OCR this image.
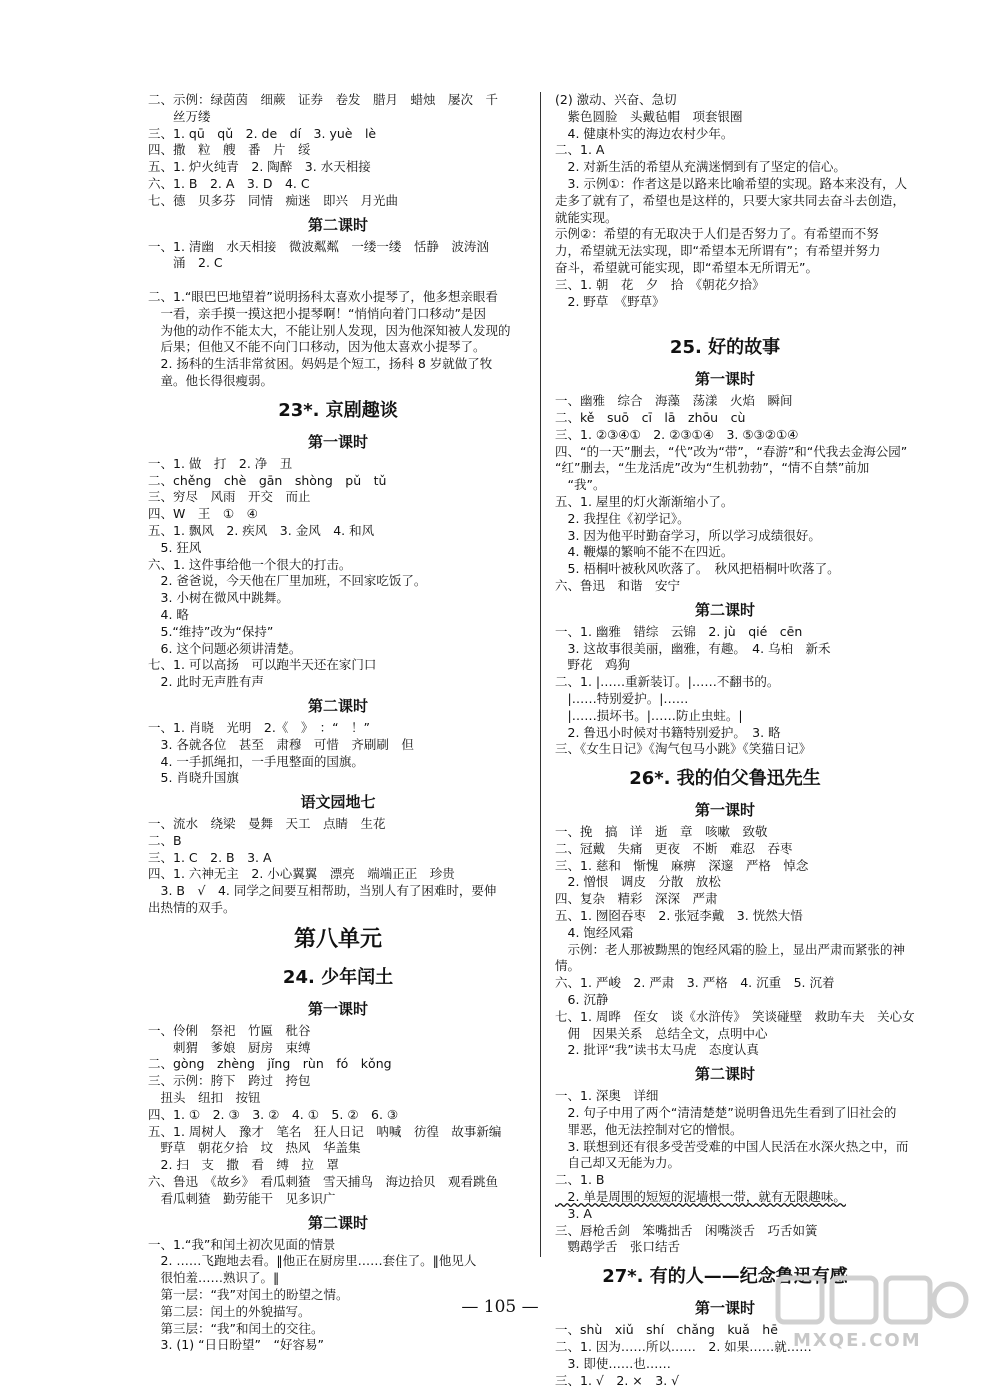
二、示例：绿茵茵　细蕨　证券　卷发　腊月　蜡烛　屡次　千
　　丝万缕
三、1. qū　qǔ　2. de　dí　3. yuè　lè
四、撒　粒　艘　番　片　绥
五、1. 炉火纯青　2. 陶醉　3. 水天相接
六、1. B　2. A　3. D　4. C
七、德　贝多芬　同情　痴迷　即兴　月光曲
第二课时
一、1. 清幽　水天相接　微波粼粼　一缕一缕　恬静　波涛汹
　　涌　2. C

二、1.“眼巴巴地望着”说明扬科太喜欢小提琴了，他多想亲眼看
　一看，亲手摸一摸这把小提琴啊！“悄悄向着门口移动”是因
　为他的动作不能太大，不能让别人发现，因为他深知被人发现的
　后果；但他又不能不向门口移动，因为他太喜欢小提琴了。
　2. 扬科的生活非常贫困。妈妈是个短工，扬科 8 岁就做了牧
　童。他长得很瘦弱。
23*. 京剧趣谈
第一课时
一、1. 做　打　2. 净　丑
二、chěng　chè　gān　shòng　pǔ　tǔ
三、穷尽　风雨　开交　而止
四、W　王　①　④
五、1. 飘风　2. 疾风　3. 金风　4. 和风
　5. 狂风
六、1. 这件事给他一个很大的打击。
　2. 爸爸说，今天他在厂里加班，不回家吃饭了。
　3. 小树在微风中跳舞。
　4. 略
　5.“维持”改为“保持”
　6. 这个问题必须讲清楚。
七、1. 可以高扬　可以跑半天还在家门口
　2. 此时无声胜有声
第二课时
一、1. 肖晓　光明　2.《　》　：“　！”
　3. 各就各位　甚至　肃穆　可惜　齐刷刷　但
　4. 一手抓绳扣，一手甩整面的国旗。
　5. 肖晓升国旗
语文园地七
一、流水　绕梁　曼舞　天工　点睛　生花
二、B
三、1. C　2. B　3. A
四、1. 六神无主　2. 小心翼翼　漂亮　端端正正　珍贵
　3. B　√　4. 同学之间要互相帮助，当别人有了困难时，要伸
出热情的双手。
第八单元
24. 少年闰土
第一课时
一、伶俐　祭祀　竹匾　秕谷
　　刺猬　爹娘　厨房　束缚
二、gòng　zhèng　jǐng　rùn　fó　kǒng
三、示例：胯下　跨过　挎包
　扭头　纽扣　按钮
四、1. ①　2. ③　3. ②　4. ①　5. ②　6. ③
五、1. 周树人　豫才　笔名　狂人日记　呐喊　彷徨　故事新编
　野草　朝花夕拾　坟　热风　华盖集
　2. 扫　支　撒　看　缚　拉　罩
六、鲁迅　《故乡》　看瓜刺猹　雪天捕鸟　海边拾贝　观看跳鱼
　看瓜刺猹　勤劳能干　见多识广
第二课时
一、1.“我”和闰土初次见面的情景
　2. ……飞跑地去看。‖他正在厨房里……套住了。‖他见人
　很怕羞……熟识了。‖
　第一层：“我”对闰土的盼望之情。
　第二层：闰土的外貌描写。
　第三层：“我”和闰土的交往。
　3. (1) “日日盼望”　“好容易”
(2) 激动、兴奋、急切
　紫色圆脸　头戴毡帽　项套银圈
　4. 健康朴实的海边农村少年。
二、1. A
　2. 对新生活的希望从充满迷惘到有了坚定的信心。
　3. 示例①：作者这是以路来比喻希望的实现。路本来没有，人
走多了就有了，希望也是这样的，只要大家共同去奋斗去创造，
就能实现。
示例②：希望的有无取决于人们是否努力了。有希望而不努
力，希望就无法实现，即“希望本无所谓有”；有希望并努力
奋斗，希望就可能实现，即“希望本无所谓无”。
三、1. 朝　花　夕　拾　《朝花夕拾》
　2. 野草　《野草》

25. 好的故事
第一课时
一、幽雅　综合　海藻　荡漾　火焰　瞬间
二、kě　suō　cī　lā　zhōu　cù
三、1. ②③④①　2. ②③①④　3. ⑤③②①④
四、“的一天”删去，“代”改为“带”，“春游”和“代我去金海公园”
“红”删去，“生龙活虎”改为“生机勃勃”，“情不自禁”前加
　“我”。
五、1. 屋里的灯火渐渐缩小了。
　2. 我捏住《初学记》。
　3. 因为他平时勤奋学习，所以学习成绩很好。
　4. 鞭爆的繁响不能不在四近。
　5. 梧桐叶被秋风吹落了。　秋风把梧桐叶吹落了。
六、鲁迅　和谐　安宁
第二课时
一、1. 幽雅　错综　云锦　2. jù　qié　cēn
　3. 这故事很美丽，幽雅，有趣。　4. 乌桕　新禾
　野花　鸡狗
二、1. |……重新装订。|……不翻书的。
　|……特别爱护。|……
　|……损坏书。|……防止虫蛀。|
　2. 鲁迅小时候对书籍特别爱护。　3. 略
三、《女生日记》《淘气包马小跳》《笑猫日记》
26*. 我的伯父鲁迅先生
第一课时
一、挽　搞　详　逝　章　咳嗽　致敬
二、冠戴　失痛　更夜　不断　难忍　吞枣
三、1. 慈和　惭愧　麻痹　深邃　严格　悼念
　2. 憎恨　调皮　分散　放松
四、复杂　精彩　深深　严肃
五、1. 囫囵吞枣　2. 张冠李戴　3. 恍然大悟
　4. 饱经风霜
　示例：老人那被黝黑的饱经风霜的脸上，显出严肃而紧张的神
情。
六、1. 严峻　2. 严肃　3. 严格　4. 沉重　5. 沉着
　6. 沉静
七、1. 周晔　侄女　谈《水浒传》　笑谈碰壁　救助车夫　关心女
　佣　因果关系　总结全文，点明中心
　2. 批评“我”读书太马虎　态度认真
第二课时
一、1. 深奥　详细
　2. 句子中用了两个“清清楚楚”说明鲁迅先生看到了旧社会的
　罪恶，他无法控制对它的憎恨。
　3. 联想到还有很多受苦受难的中国人民活在水深火热之中，而
　自己却又无能为力。
二、1. B
　2. 单是周围的短短的泥墙根一带，就有无限趣味。
　3. A
三、唇枪舌剑　笨嘴拙舌　闲嘴淡舌　巧舌如簧
　鹦鹉学舌　张口结舌
27*. 有的人——纪念鲁迅有感
第一课时
一、shù　xiǔ　shí　chǎng　kuǎ　hē
二、1. 因为……所以……　2. 如果……就……
　3. 即使……也……
三、1. √　2. ×　3. √
— 105 —
MXQE.COM
